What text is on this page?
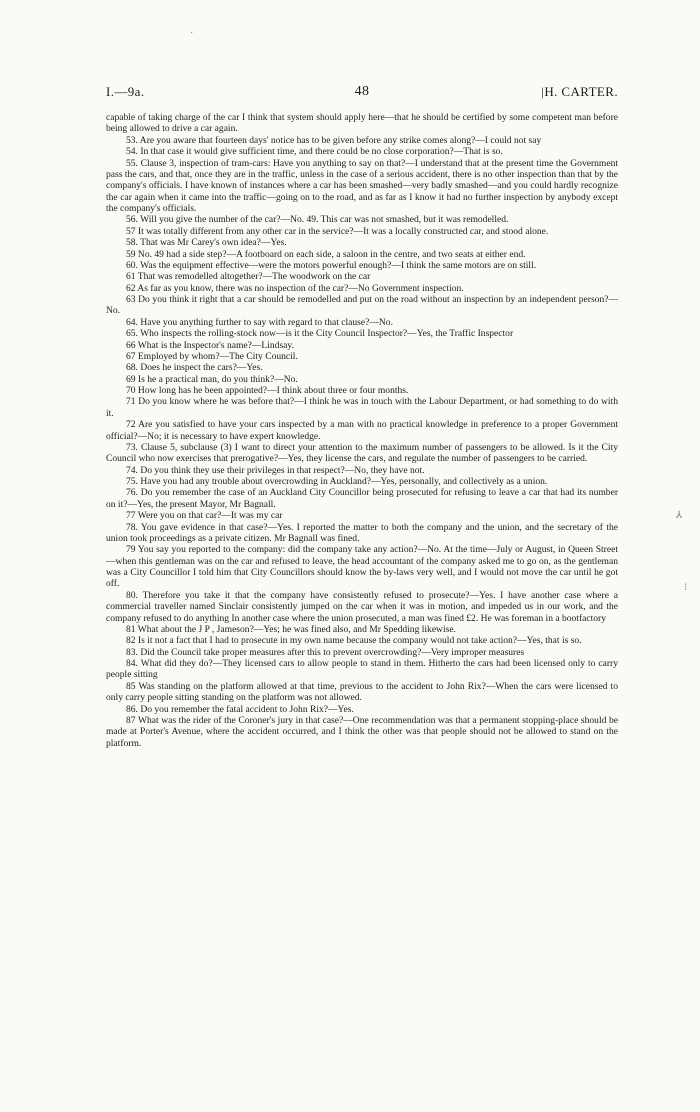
·
⅄
⁝
I.—9a.	48	|H. CARTER.

capable of taking charge of the car I think that system should apply here—that he should be certified by some competent man before being allowed to drive a car again.

53. Are you aware that fourteen days' notice has to be given before any strike comes along?—I could not say

54. In that case it would give sufficient time, and there could be no close corporation?—That is so.

55. Clause 3, inspection of tram-cars: Have you anything to say on that?—I understand that at the present time the Government pass the cars, and that, once they are in the traffic, unless in the case of a serious accident, there is no other inspection than that by the company's officials. I have known of instances where a car has been smashed—very badly smashed—and you could hardly recognize the car again when it came into the traffic—going on to the road, and as far as I know it had no further inspection by anybody except the company's officials.

56. Will you give the number of the car?—No. 49. This car was not smashed, but it was remodelled.

57 It was totally different from any other car in the service?—It was a locally constructed car, and stood alone.

58. That was Mr Carey's own idea?—Yes.

59 No. 49 had a side step?—A footboard on each side, a saloon in the centre, and two seats at either end.

60. Was the equipment effective—were the motors powerful enough?—I think the same motors are on still.

61 That was remodelled altogether?—The woodwork on the car

62 As far as you know, there was no inspection of the car?—No Government inspection.

63 Do you think it right that a car should be remodelled and put on the road without an inspection by an independent person?—No.

64. Have you anything further to say with regard to that clause?—No.

65. Who inspects the rolling-stock now—is it the City Council Inspector?—Yes, the Traffic Inspector

66 What is the Inspector's name?—Lindsay.

67 Employed by whom?—The City Council.

68. Does he inspect the cars?—Yes.

69 Is he a practical man, do you think?—No.

70 How long has he been appointed?—I think about three or four months.

71 Do you know where he was before that?—I think he was in touch with the Labour Department, or had something to do with it.

72 Are you satisfied to have your cars inspected by a man with no practical knowledge in preference to a proper Government official?—No; it is necessary to have expert knowledge.

73. Clause 5, subclause (3) I want to direct your attention to the maximum number of passengers to be allowed. Is it the City Council who now exercises that prerogative?—Yes, they license the cars, and regulate the number of passengers to be carried.

74. Do you think they use their privileges in that respect?—No, they have not.

75. Have you had any trouble about overcrowding in Auckland?—Yes, personally, and collectively as a union.

76. Do you remember the case of an Auckland City Councillor being prosecuted for refusing to leave a car that had its number on it?—Yes, the present Mayor, Mr Bagnall.

77 Were you on that car?—It was my car

78. You gave evidence in that case?—Yes. I reported the matter to both the company and the union, and the secretary of the union took proceedings as a private citizen. Mr Bagnall was fined.

79 You say you reported to the company: did the company take any action?—No. At the time—July or August, in Queen Street—when this gentleman was on the car and refused to leave, the head accountant of the company asked me to go on, as the gentleman was a City Councillor I told him that City Councillors should know the by-laws very well, and I would not move the car until he got off.

80. Therefore you take it that the company have consistently refused to prosecute?—Yes. I have another case where a commercial traveller named Sinclair consistently jumped on the car when it was in motion, and impeded us in our work, and the company refused to do anything In another case where the union prosecuted, a man was fined £2. He was foreman in a bootfactory

81 What about the J P , Jameson?—Yes; he was fined also, and Mr Spedding likewise.

82 Is it not a fact that I had to prosecute in my own name because the company would not take action?—Yes, that is so.

83. Did the Council take proper measures after this to prevent overcrowding?—Very improper measures

84. What did they do?—They licensed cars to allow people to stand in them. Hitherto the cars had been licensed only to carry people sitting

85 Was standing on the platform allowed at that time, previous to the accident to John Rix?—When the cars were licensed to only carry people sitting standing on the platform was not allowed.

86. Do you remember the fatal accident to John Rix?—Yes.

87 What was the rider of the Coroner's jury in that case?—One recommendation was that a permanent stopping-place should be made at Porter's Avenue, where the accident occurred, and I think the other was that people should not be allowed to stand on the platform.
